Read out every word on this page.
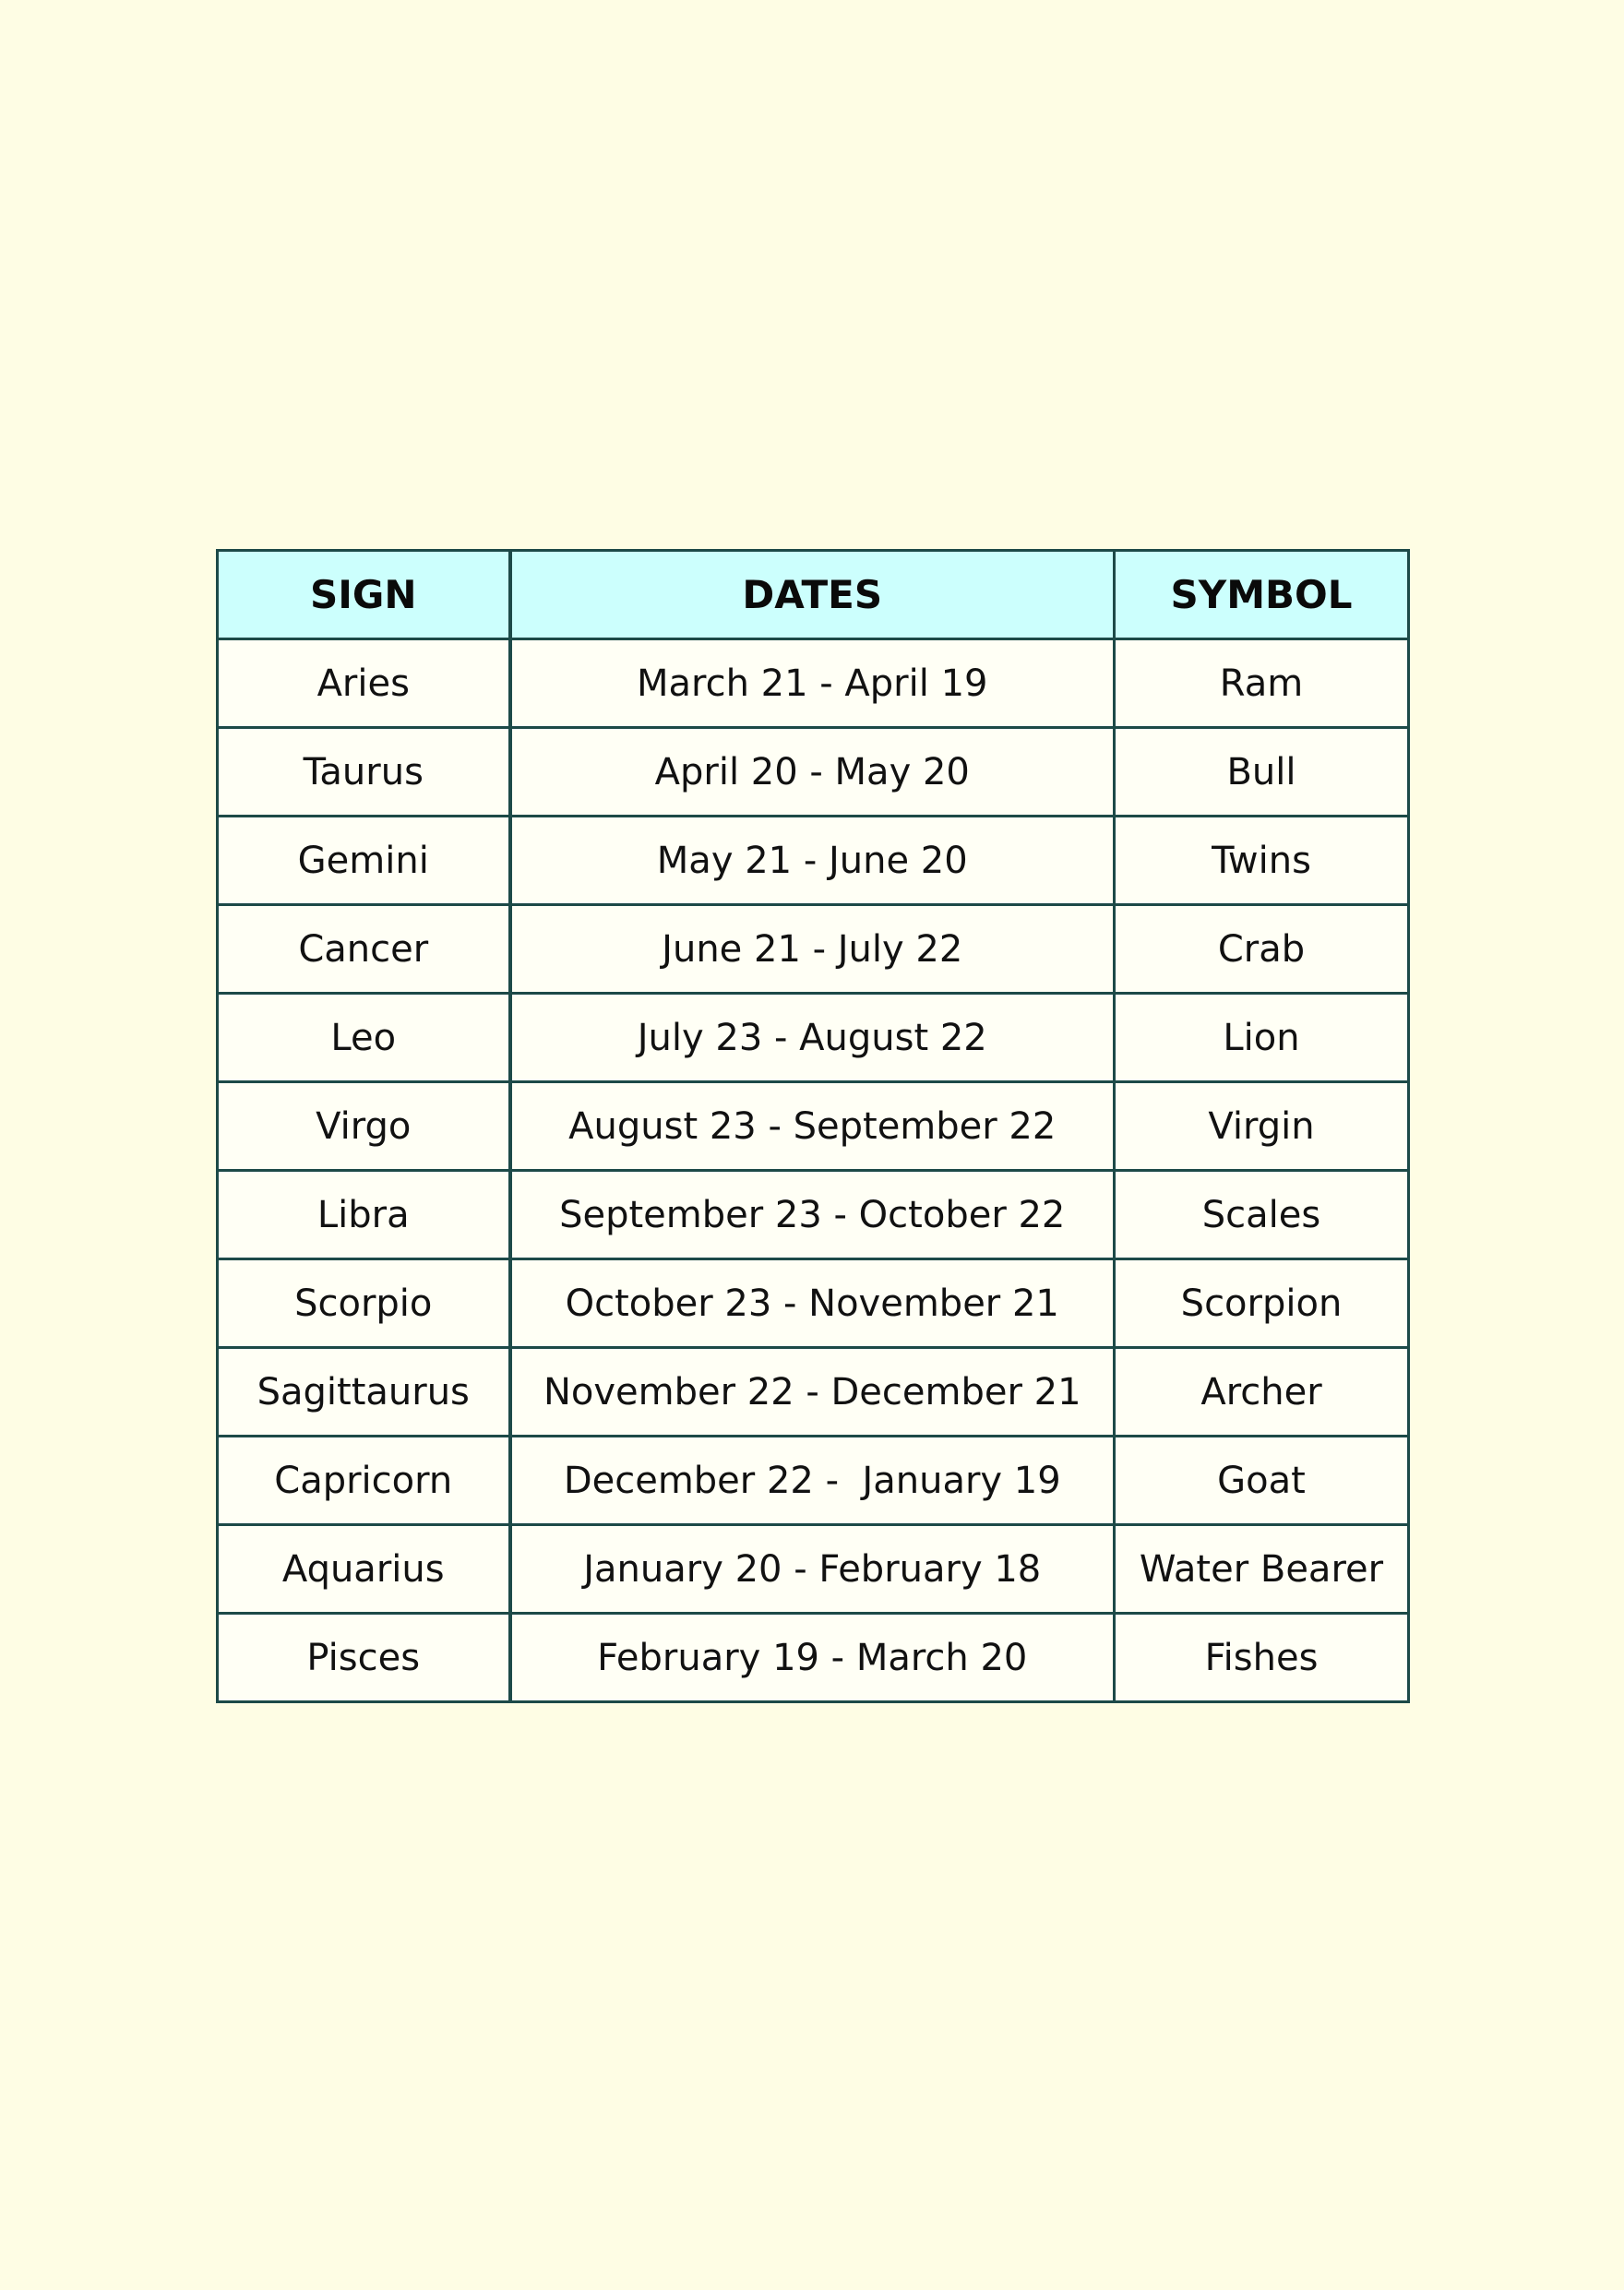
SIGN	DATES	SYMBOL
Aries	March 21 - April 19	Ram
Taurus	April 20 - May 20	Bull
Gemini	May 21 - June 20	Twins
Cancer	June 21 - July 22	Crab
Leo	July 23 - August 22	Lion
Virgo	August 23 - September 22	Virgin
Libra	September 23 - October 22	Scales
Scorpio	October 23 - November 21	Scorpion
Sagittaurus	November 22 - December 21	Archer
Capricorn	December 22 -  January 19	Goat
Aquarius	January 20 - February 18	Water Bearer
Pisces	February 19 - March 20	Fishes
